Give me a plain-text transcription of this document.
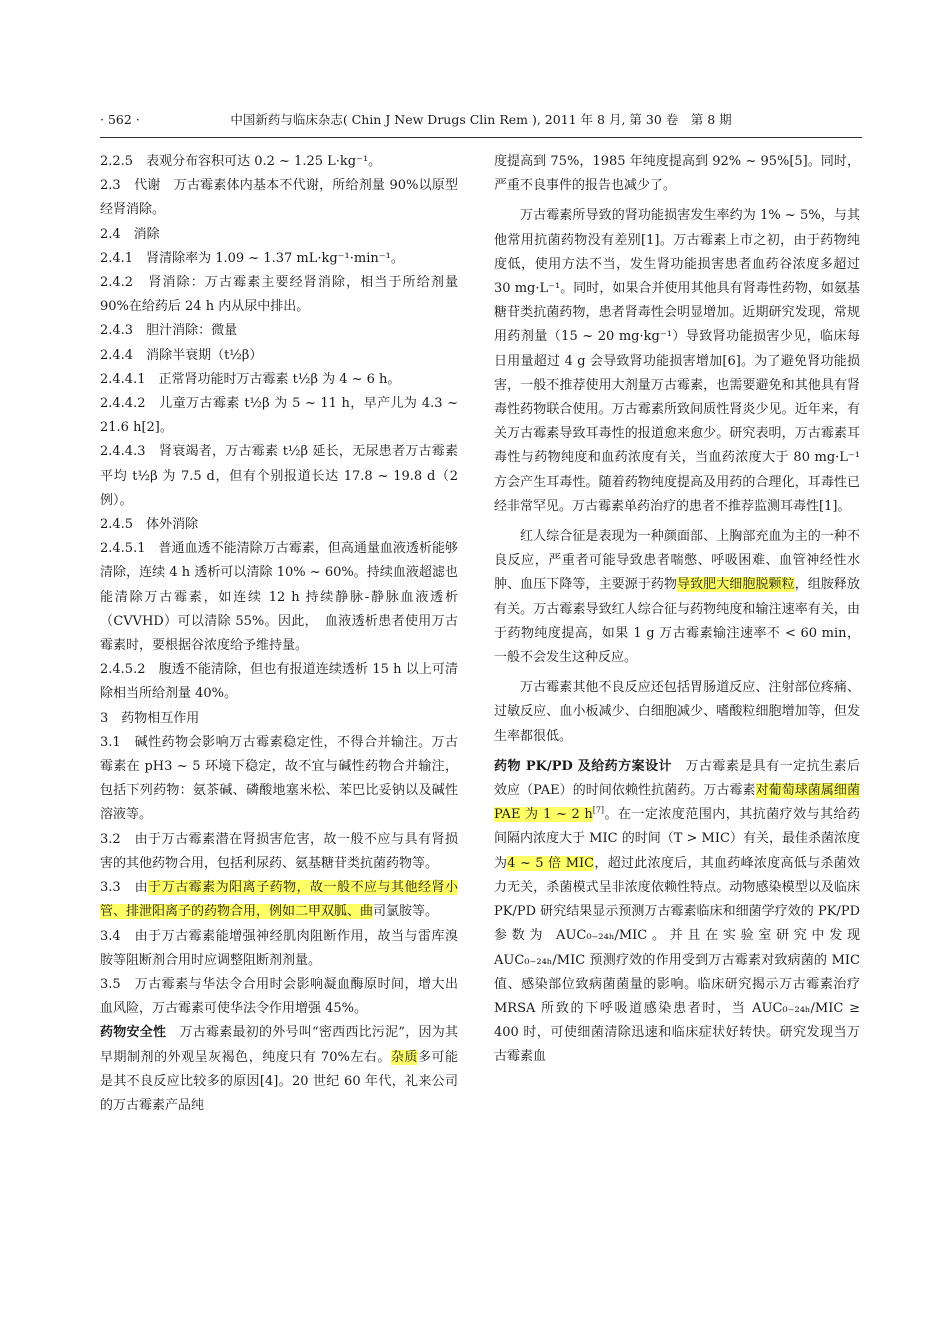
· 562 ·	中国新药与临床杂志( Chin J New Drugs Clin Rem ), 2011 年 8 月, 第 30 卷　第 8 期

2.2.5　表观分布容积可达 0.2 ~ 1.25 L·kg⁻¹。

2.3　代谢　万古霉素体内基本不代谢，所给剂量 90%以原型经肾消除。

2.4　消除

2.4.1　肾清除率为 1.09 ~ 1.37 mL·kg⁻¹·min⁻¹。

2.4.2　肾消除：万古霉素主要经肾消除，相当于所给剂量 90%在给药后 24 h 内从尿中排出。

2.4.3　胆汁消除：微量

2.4.4　消除半衰期（t½β）

2.4.4.1　正常肾功能时万古霉素 t½β 为 4 ~ 6 h。

2.4.4.2　儿童万古霉素 t½β 为 5 ~ 11 h，早产儿为 4.3 ~ 21.6 h[2]。

2.4.4.3　肾衰竭者，万古霉素 t½β 延长，无尿患者万古霉素平均 t½β 为 7.5 d，但有个别报道长达 17.8 ~ 19.8 d（2 例）。

2.4.5　体外消除

2.4.5.1　普通血透不能清除万古霉素，但高通量血液透析能够清除，连续 4 h 透析可以清除 10% ~ 60%。持续血液超滤也能清除万古霉素，如连续 12 h 持续静脉-静脉血液透析（CVVHD）可以清除 55%。因此，　血液透析患者使用万古霉素时，要根据谷浓度给予维持量。

2.4.5.2　腹透不能清除，但也有报道连续透析 15 h 以上可清除相当所给剂量 40%。

3　药物相互作用

3.1　碱性药物会影响万古霉素稳定性，不得合并输注。万古霉素在 pH3 ~ 5 环境下稳定，故不宜与碱性药物合并输注，包括下列药物：氨茶碱、磷酸地塞米松、苯巴比妥钠以及碱性溶液等。

3.2　由于万古霉素潜在肾损害危害，故一般不应与具有肾损害的其他药物合用，包括利尿药、氨基糖苷类抗菌药物等。

3.3　由于万古霉素为阳离子药物，故一般不应与其他经肾小管、排泄阳离子的药物合用，例如二甲双胍、曲司氯胺等。

3.4　由于万古霉素能增强神经肌肉阻断作用，故当与雷库溴胺等阻断剂合用时应调整阻断剂剂量。

3.5　万古霉素与华法令合用时会影响凝血酶原时间，增大出血风险，万古霉素可使华法令作用增强 45%。

药物安全性　万古霉素最初的外号叫“密西西比污泥”，因为其早期制剂的外观呈灰褐色，纯度只有 70%左右。杂质多可能是其不良反应比较多的原因[4]。20 世纪 60 年代，礼来公司的万古霉素产品纯

度提高到 75%，1985 年纯度提高到 92% ~ 95%[5]。同时，严重不良事件的报告也减少了。

万古霉素所导致的肾功能损害发生率约为 1% ~ 5%，与其他常用抗菌药物没有差别[1]。万古霉素上市之初，由于药物纯度低，使用方法不当，发生肾功能损害患者血药谷浓度多超过 30 mg·L⁻¹。同时，如果合并使用其他具有肾毒性药物，如氨基糖苷类抗菌药物，患者肾毒性会明显增加。近期研究发现，常规用药剂量（15 ~ 20 mg·kg⁻¹）导致肾功能损害少见，临床每日用量超过 4 g 会导致肾功能损害增加[6]。为了避免肾功能损害，一般不推荐使用大剂量万古霉素，也需要避免和其他具有肾毒性药物联合使用。万古霉素所致间质性肾炎少见。近年来，有关万古霉素导致耳毒性的报道愈来愈少。研究表明，万古霉素耳毒性与药物纯度和血药浓度有关，当血药浓度大于 80 mg·L⁻¹ 方会产生耳毒性。随着药物纯度提高及用药的合理化，耳毒性已经非常罕见。万古霉素单药治疗的患者不推荐监测耳毒性[1]。

红人综合征是表现为一种颜面部、上胸部充血为主的一种不良反应，严重者可能导致患者喘憋、呼吸困难、血管神经性水肿、血压下降等，主要源于药物导致肥大细胞脱颗粒，组胺释放有关。万古霉素导致红人综合征与药物纯度和输注速率有关，由于药物纯度提高，如果 1 g 万古霉素输注速率不 < 60 min，一般不会发生这种反应。

万古霉素其他不良反应还包括胃肠道反应、注射部位疼痛、过敏反应、血小板减少、白细胞减少、嗜酸粒细胞增加等，但发生率都很低。

药物 PK/PD 及给药方案设计　万古霉素是具有一定抗生素后效应（PAE）的时间依赖性抗菌药。万古霉素对葡萄球菌属细菌 PAE 为 1 ~ 2 h[7]。在一定浓度范围内，其抗菌疗效与其给药间隔内浓度大于 MIC 的时间（T > MIC）有关，最佳杀菌浓度为4 ~ 5 倍 MIC，超过此浓度后，其血药峰浓度高低与杀菌效力无关，杀菌模式呈非浓度依赖性特点。动物感染模型以及临床 PK/PD 研究结果显示预测万古霉素临床和细菌学疗效的 PK/PD 参数为 AUC₀₋₂₄ₕ/MIC。并且在实验室研究中发现 AUC₀₋₂₄ₕ/MIC 预测疗效的作用受到万古霉素对致病菌的 MIC 值、感染部位致病菌菌量的影响。临床研究揭示万古霉素治疗 MRSA 所致的下呼吸道感染患者时，当 AUC₀₋₂₄ₕ/MIC ≥ 400 时，可使细菌清除迅速和临床症状好转快。研究发现当万古霉素血
